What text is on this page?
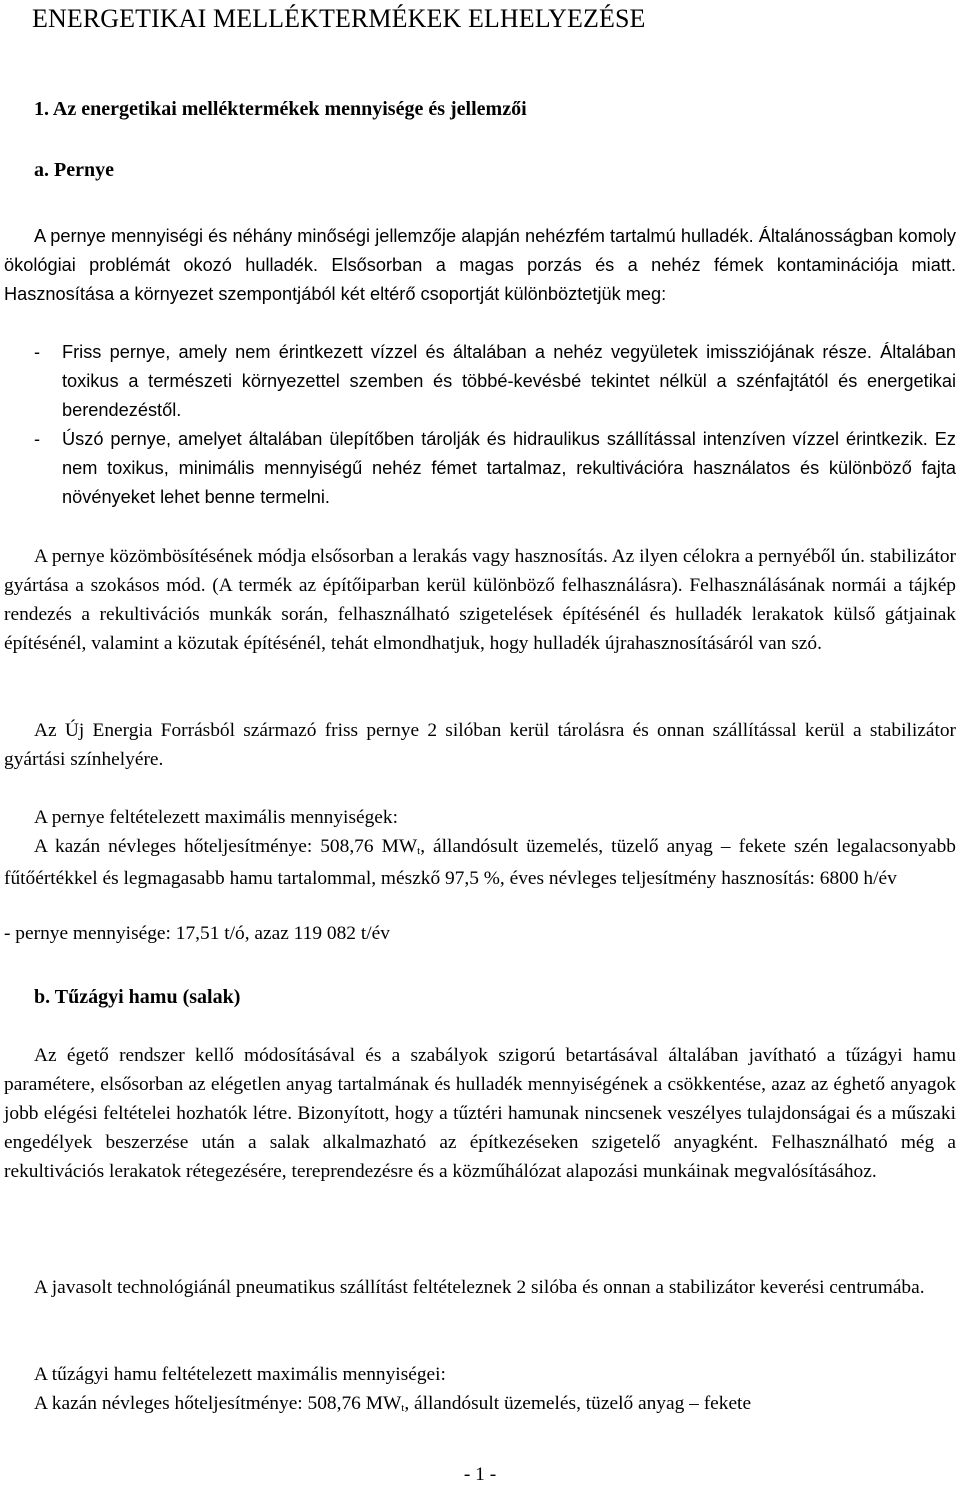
ENERGETIKAI MELLÉKTERMÉKEK ELHELYEZÉSE

1. Az energetikai melléktermékek mennyisége és jellemzői

a. Pernye

A pernye mennyiségi és néhány minőségi jellemzője alapján nehézfém tartalmú hulladék. Általánosságban komoly ökológiai problémát okozó hulladék. Elsősorban a magas porzás és a nehéz fémek kontaminációja miatt. Hasznosítása a környezet szempontjából két eltérő csoportját különböztetjük meg:

-	Friss pernye, amely nem érintkezett vízzel és általában a nehéz vegyületek imissziójának része. Általában toxikus a természeti környezettel szemben és többé-kevésbé tekintet nélkül a szénfajtától és energetikai berendezéstől.
-	Úszó pernye, amelyet általában ülepítőben tárolják és hidraulikus szállítással intenzíven vízzel érintkezik. Ez nem toxikus, minimális mennyiségű nehéz fémet tartalmaz, rekultivációra használatos és különböző fajta növényeket lehet benne termelni.

A pernye közömbösítésének módja elsősorban a lerakás vagy hasznosítás. Az ilyen célokra a pernyéből ún. stabilizátor gyártása a szokásos mód. (A termék az építőiparban kerül különböző felhasználásra). Felhasználásának normái a tájkép rendezés a rekultivációs munkák során, felhasználható szigetelések építésénél és hulladék lerakatok külső gátjainak építésénél, valamint a közutak építésénél, tehát elmondhatjuk, hogy hulladék újrahasznosításáról van szó.

Az Új Energia Forrásból származó friss pernye 2 silóban kerül tárolásra és onnan szállítással kerül a stabilizátor gyártási színhelyére.

A pernye feltételezett maximális mennyiségek:

A kazán névleges hőteljesítménye: 508,76 $MW_t$, állandósult üzemelés, tüzelő anyag – fekete szén legalacsonyabb fűtőértékkel és legmagasabb hamu tartalommal, mészkő 97,5 %, éves névleges teljesítmény hasznosítás: 6800 h/év

- pernye mennyisége: 17,51 t/ó, azaz 119 082 t/év

b. Tűzágyi hamu (salak)

Az égető rendszer kellő módosításával és a szabályok szigorú betartásával általában javítható a tűzágyi hamu paramétere, elsősorban az elégetlen anyag tartalmának és hulladék mennyiségének a csökkentése, azaz az éghető anyagok jobb elégési feltételei hozhatók létre. Bizonyított, hogy a tűztéri hamunak nincsenek veszélyes tulajdonságai és a műszaki engedélyek beszerzése után a salak alkalmazható az építkezéseken szigetelő anyagként. Felhasználható még a rekultivációs lerakatok rétegezésére, tereprendezésre és a közműhálózat alapozási munkáinak megvalósításához.

A javasolt technológiánál pneumatikus szállítást feltételeznek 2 silóba és onnan a stabilizátor keverési centrumába.

A tűzágyi hamu feltételezett maximális mennyiségei:

A kazán névleges hőteljesítménye: 508,76 $MW_t$, állandósult üzemelés, tüzelő anyag – fekete

- 1 -
